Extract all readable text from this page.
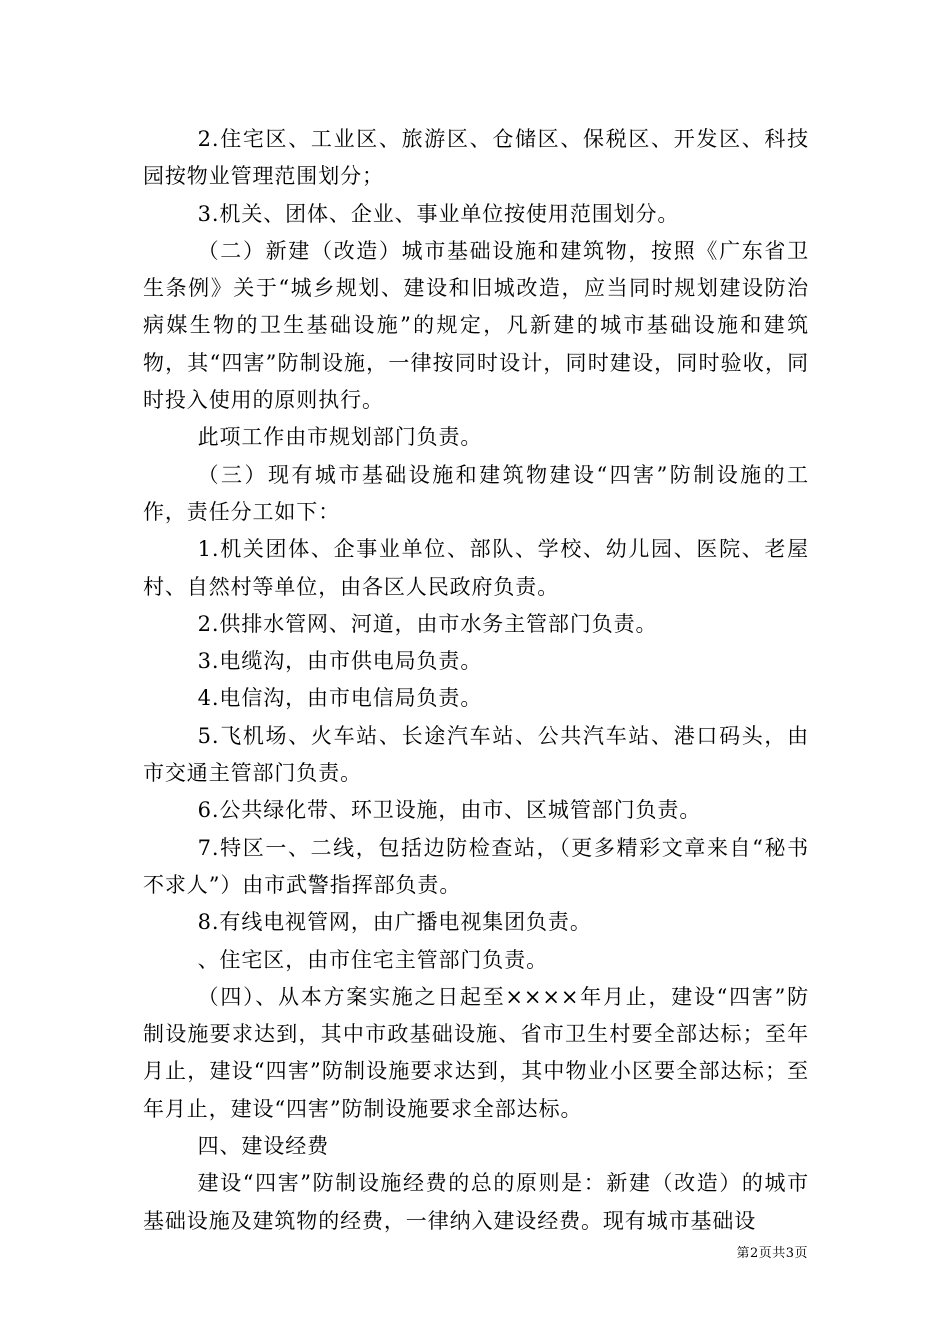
2.住宅区、工业区、旅游区、仓储区、保税区、开发区、科技园按物业管理范围划分；

3.机关、团体、企业、事业单位按使用范围划分。

（二）新建（改造）城市基础设施和建筑物，按照《广东省卫生条例》关于“城乡规划、建设和旧城改造，应当同时规划建设防治病媒生物的卫生基础设施”的规定，凡新建的城市基础设施和建筑物，其“四害”防制设施，一律按同时设计，同时建设，同时验收，同时投入使用的原则执行。

此项工作由市规划部门负责。

（三）现有城市基础设施和建筑物建设“四害”防制设施的工作，责任分工如下：

1.机关团体、企事业单位、部队、学校、幼儿园、医院、老屋村、自然村等单位，由各区人民政府负责。

2.供排水管网、河道，由市水务主管部门负责。

3.电缆沟，由市供电局负责。

4.电信沟，由市电信局负责。

5.飞机场、火车站、长途汽车站、公共汽车站、港口码头，由市交通主管部门负责。

6.公共绿化带、环卫设施，由市、区城管部门负责。

7.特区一、二线，包括边防检查站，（更多精彩文章来自“秘书不求人”）由市武警指挥部负责。

8.有线电视管网，由广播电视集团负责。

、住宅区，由市住宅主管部门负责。

（四）、从本方案实施之日起至××××年月止，建设“四害”防制设施要求达到，其中市政基础设施、省市卫生村要全部达标；至年月止，建设“四害”防制设施要求达到，其中物业小区要全部达标；至年月止，建设“四害”防制设施要求全部达标。

四、建设经费

建设“四害”防制设施经费的总的原则是：新建（改造）的城市基础设施及建筑物的经费，一律纳入建设经费。现有城市基础设

第2页共3页
